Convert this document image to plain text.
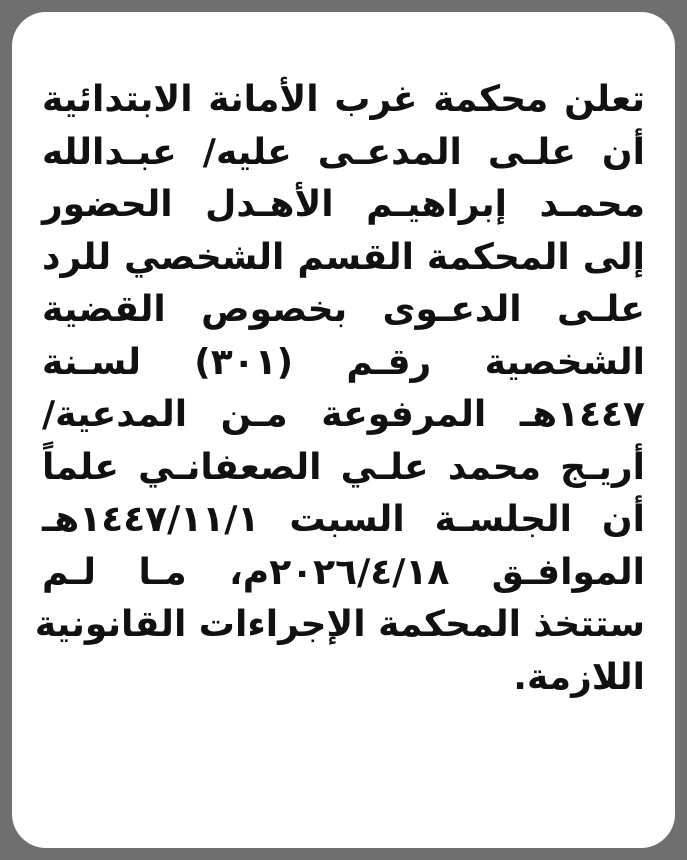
تعلن محكمة غرب الأمانة الابتدائية
أن علـى المدعـى عليه/ عبـدالله
محمـد إبراهيـم الأهـدل الحضور
إلى المحكمة القسم الشخصي للرد
علـى الدعـوى بخصوص القضية
الشخصية رقـم (٣٠١) لسـنة
١٤٤٧هـ المرفوعة مـن المدعية/
أريـج محمد علـي الصعفانـي علماً
أن الجلسـة السبت ١٤٤٧/١١/١هـ
الموافـق ٢٠٢٦/٤/١٨م، مـا لـم
ستتخذ المحكمة الإجراءات القانونية
اللازمة.
